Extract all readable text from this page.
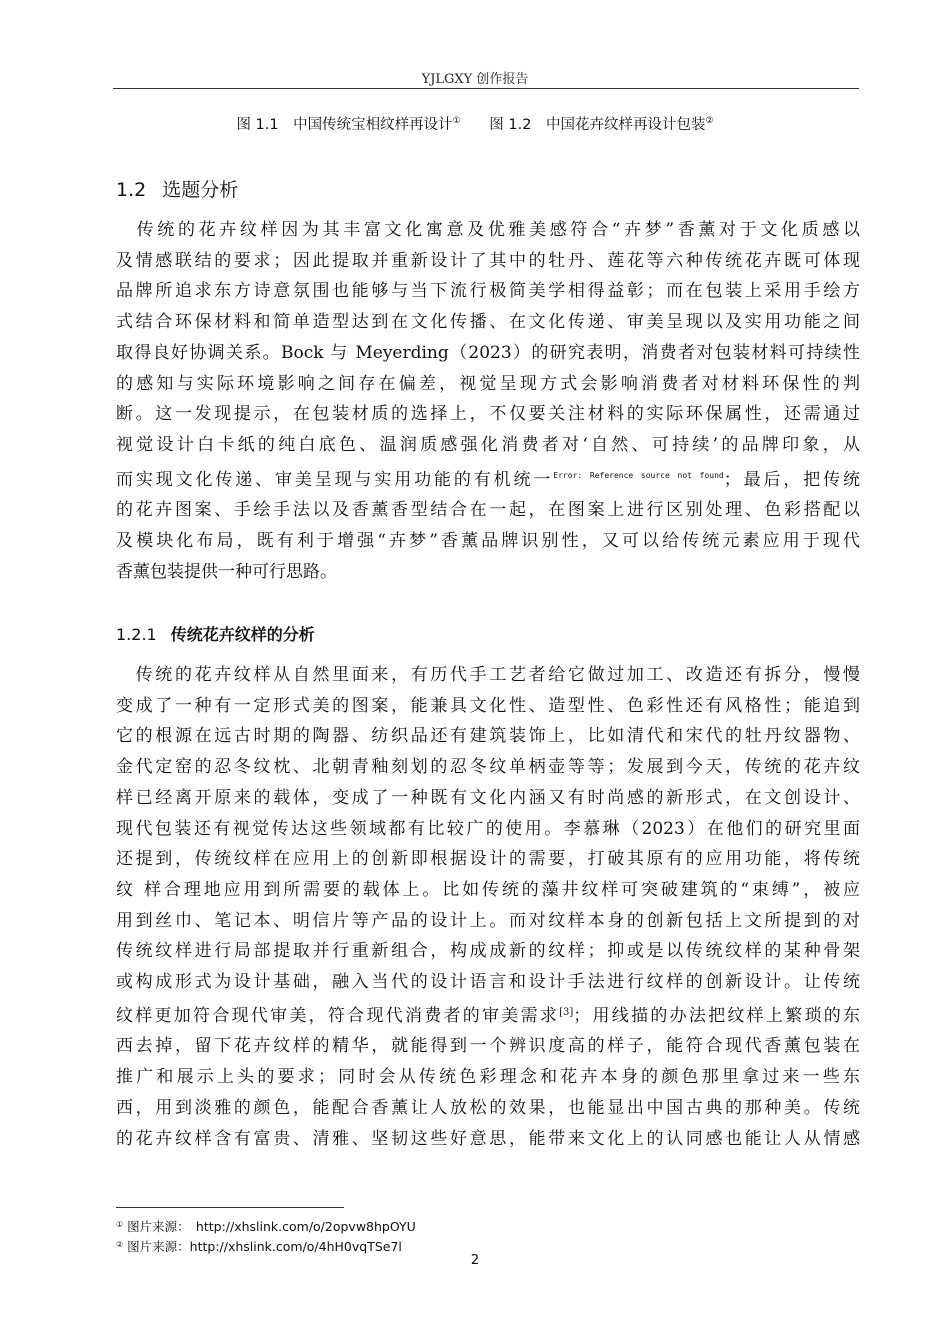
YJLGXY 创作报告
图 1.1　中国传统宝相纹样再设计① 图 1.2　中国花卉纹样再设计包装②
1.2 选题分析
　传统的花卉纹样因为其丰富文化寓意及优雅美感符合“卉梦”香薰对于文化质感以
及情感联结的要求；因此提取并重新设计了其中的牡丹、莲花等六种传统花卉既可体现
品牌所追求东方诗意氛围也能够与当下流行极简美学相得益彰；而在包装上采用手绘方
式结合环保材料和简单造型达到在文化传播、在文化传递、审美呈现以及实用功能之间
取得良好协调关系。Bock 与 Meyerding（2023）的研究表明，消费者对包装材料可持续性
的感知与实际环境影响之间存在偏差，视觉呈现方式会影响消费者对材料环保性的判
断。这一发现提示，在包装材质的选择上，不仅要关注材料的实际环保属性，还需通过
视觉设计白卡纸的纯白底色、温润质感强化消费者对‘自然、可持续’的品牌印象，从
而实现文化传递、审美呈现与实用功能的有机统一$^{Error: Reference source not found}$；最后，把传统
的花卉图案、手绘手法以及香薰香型结合在一起，在图案上进行区别处理、色彩搭配以
及模块化布局，既有利于增强“卉梦”香薰品牌识别性，又可以给传统元素应用于现代
香薰包装提供一种可行思路。
1.2.1 传统花卉纹样的分析
　传统的花卉纹样从自然里面来，有历代手工艺者给它做过加工、改造还有拆分，慢慢
变成了一种有一定形式美的图案，能兼具文化性、造型性、色彩性还有风格性；能追到
它的根源在远古时期的陶器、纺织品还有建筑装饰上，比如清代和宋代的牡丹纹器物、
金代定窑的忍冬纹枕、北朝青釉刻划的忍冬纹单柄壶等等；发展到今天，传统的花卉纹
样已经离开原来的载体，变成了一种既有文化内涵又有时尚感的新形式，在文创设计、
现代包装还有视觉传达这些领域都有比较广的使用。李慕琳（2023）在他们的研究里面
还提到，传统纹样在应用上的创新即根据设计的需要，打破其原有的应用功能，将传统
纹 样合理地应用到所需要的载体上。比如传统的藻井纹样可突破建筑的“束缚”，被应
用到丝巾、笔记本、明信片等产品的设计上。而对纹样本身的创新包括上文所提到的对
传统纹样进行局部提取并行重新组合，构成成新的纹样；抑或是以传统纹样的某种骨架
或构成形式为设计基础，融入当代的设计语言和设计手法进行纹样的创新设计。让传统
纹样更加符合现代审美，符合现代消费者的审美需求[3]；用线描的办法把纹样上繁琐的东
西去掉，留下花卉纹样的精华，就能得到一个辨识度高的样子，能符合现代香薰包装在
推广和展示上头的要求；同时会从传统色彩理念和花卉本身的颜色那里拿过来一些东
西，用到淡雅的颜色，能配合香薰让人放松的效果，也能显出中国古典的那种美。传统
的花卉纹样含有富贵、清雅、坚韧这些好意思，能带来文化上的认同感也能让人从情感
① 图片来源：　http://xhslink.com/o/2opvw8hpOYU
② 图片来源：http://xhslink.com/o/4hH0vqTSe7l
2
